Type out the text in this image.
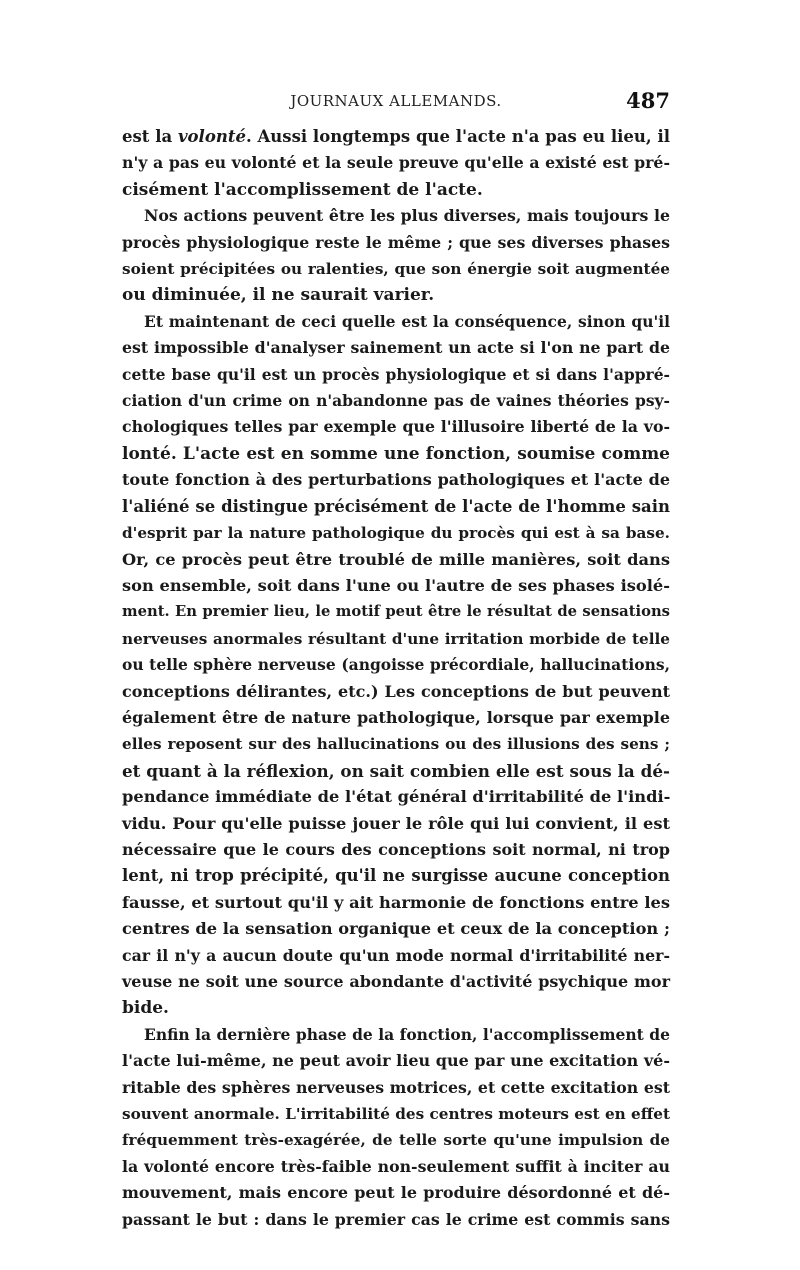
JOURNAUX ALLEMANDS.	487

est la volonté. Aussi longtemps que l'acte n'a pas eu lieu, il
n'y a pas eu volonté et la seule preuve qu'elle a existé est pré-
cisément l'accomplissement de l'acte.

Nos actions peuvent être les plus diverses, mais toujours le
procès physiologique reste le même ; que ses diverses phases
soient précipitées ou ralenties, que son énergie soit augmentée
ou diminuée, il ne saurait varier.

Et maintenant de ceci quelle est la conséquence, sinon qu'il
est impossible d'analyser sainement un acte si l'on ne part de
cette base qu'il est un procès physiologique et si dans l'appré-
ciation d'un crime on n'abandonne pas de vaines théories psy-
chologiques telles par exemple que l'illusoire liberté de la vo-
lonté. L'acte est en somme une fonction, soumise comme
toute fonction à des perturbations pathologiques et l'acte de
l'aliéné se distingue précisément de l'acte de l'homme sain
d'esprit par la nature pathologique du procès qui est à sa base.
Or, ce procès peut être troublé de mille manières, soit dans
son ensemble, soit dans l'une ou l'autre de ses phases isolé-
ment. En premier lieu, le motif peut être le résultat de sensations
nerveuses anormales résultant d'une irritation morbide de telle
ou telle sphère nerveuse (angoisse précordiale, hallucinations,
conceptions délirantes, etc.) Les conceptions de but peuvent
également être de nature pathologique, lorsque par exemple
elles reposent sur des hallucinations ou des illusions des sens ;
et quant à la réflexion, on sait combien elle est sous la dé-
pendance immédiate de l'état général d'irritabilité de l'indi-
vidu. Pour qu'elle puisse jouer le rôle qui lui convient, il est
nécessaire que le cours des conceptions soit normal, ni trop
lent, ni trop précipité, qu'il ne surgisse aucune conception
fausse, et surtout qu'il y ait harmonie de fonctions entre les
centres de la sensation organique et ceux de la conception ;
car il n'y a aucun doute qu'un mode normal d'irritabilité ner-
veuse ne soit une source abondante d'activité psychique mor
bide.

Enfin la dernière phase de la fonction, l'accomplissement de
l'acte lui-même, ne peut avoir lieu que par une excitation vé-
ritable des sphères nerveuses motrices, et cette excitation est
souvent anormale. L'irritabilité des centres moteurs est en effet
fréquemment très-exagérée, de telle sorte qu'une impulsion de
la volonté encore très-faible non-seulement suffit à inciter au
mouvement, mais encore peut le produire désordonné et dé-
passant le but : dans le premier cas le crime est commis sans
